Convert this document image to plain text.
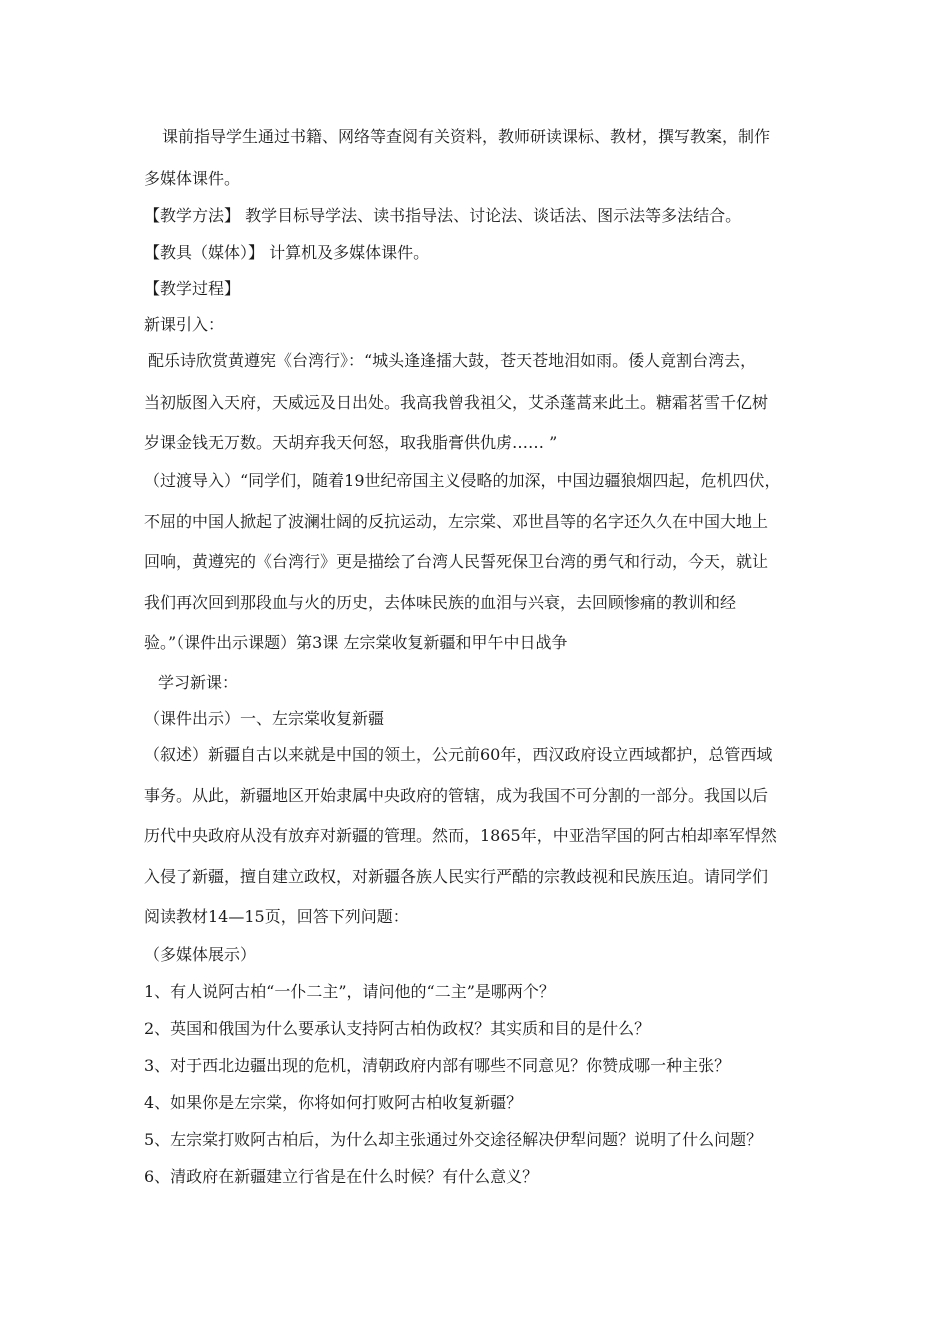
课前指导学生通过书籍、网络等查阅有关资料，教师研读课标、教材，撰写教案，制作
多媒体课件。
【教学方法】 教学目标导学法、读书指导法、讨论法、谈话法、图示法等多法结合。
【教具（媒体）】 计算机及多媒体课件。
【教学过程】
新课引入：
配乐诗欣赏黄遵宪《台湾行》：“城头逢逢擂大鼓，苍天苍地泪如雨。倭人竟割台湾去，
当初版图入天府，天威远及日出处。我高我曾我祖父，艾杀蓬蒿来此土。糖霜茗雪千亿树
岁课金钱无万数。天胡弃我天何怒，取我脂膏供仇虏…… ”
（过渡导入）“同学们，随着19世纪帝国主义侵略的加深，中国边疆狼烟四起，危机四伏，
不屈的中国人掀起了波澜壮阔的反抗运动，左宗棠、邓世昌等的名字还久久在中国大地上
回响，黄遵宪的《台湾行》更是描绘了台湾人民誓死保卫台湾的勇气和行动，今天，就让
我们再次回到那段血与火的历史，去体味民族的血泪与兴衰，去回顾惨痛的教训和经
验。”（课件出示课题）第3课 左宗棠收复新疆和甲午中日战争
学习新课：
（课件出示）一、左宗棠收复新疆
（叙述）新疆自古以来就是中国的领土，公元前60年，西汉政府设立西域都护，总管西域
事务。从此，新疆地区开始隶属中央政府的管辖，成为我国不可分割的一部分。我国以后
历代中央政府从没有放弃对新疆的管理。然而，1865年，中亚浩罕国的阿古柏却率军悍然
入侵了新疆，擅自建立政权，对新疆各族人民实行严酷的宗教歧视和民族压迫。请同学们
阅读教材14—15页，回答下列问题：
（多媒体展示）
1、有人说阿古柏“一仆二主”，请问他的“二主”是哪两个？
2、英国和俄国为什么要承认支持阿古柏伪政权？其实质和目的是什么？
3、对于西北边疆出现的危机，清朝政府内部有哪些不同意见？你赞成哪一种主张？
4、如果你是左宗棠，你将如何打败阿古柏收复新疆？
5、左宗棠打败阿古柏后，为什么却主张通过外交途径解决伊犁问题？说明了什么问题？
6、清政府在新疆建立行省是在什么时候？有什么意义？
